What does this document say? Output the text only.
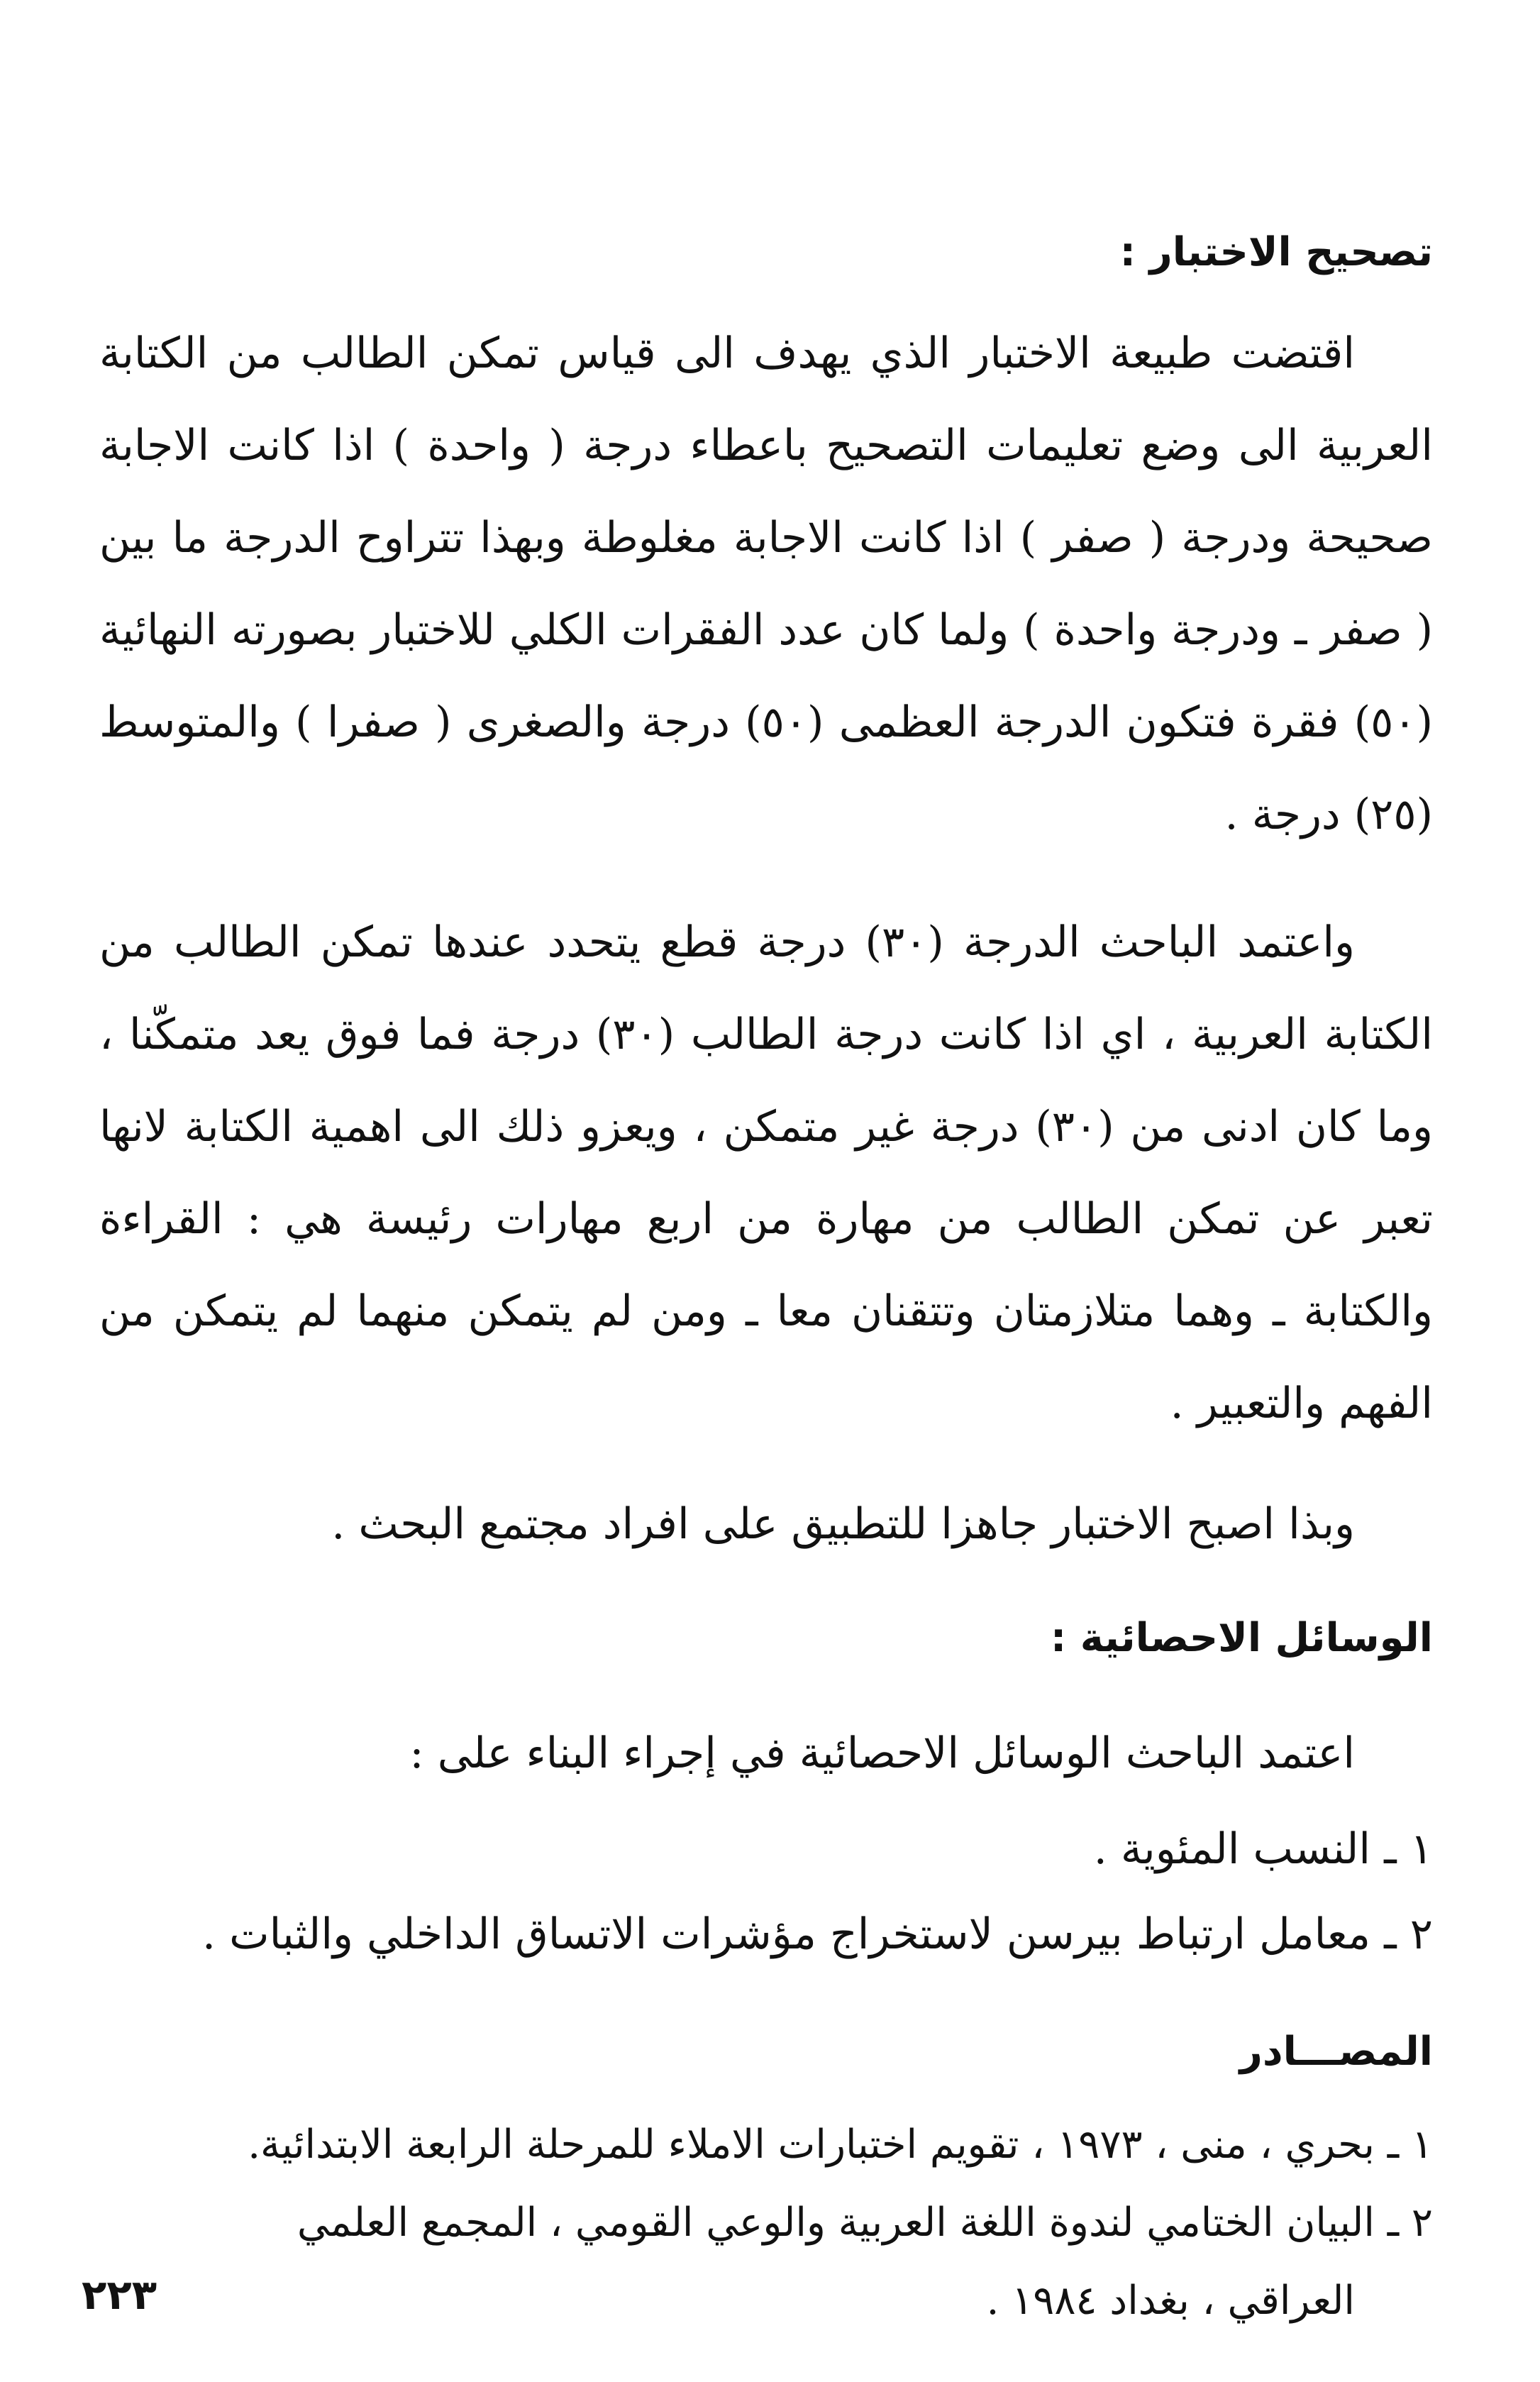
تصحيح الاختبار :

اقتضت طبيعة الاختبار الذي يهدف الى قياس تمكن الطالب من الكتابة العربية الى وضع تعليمات التصحيح باعطاء درجة ( واحدة ) اذا كانت الاجابة صحيحة ودرجة ( صفر ) اذا كانت الاجابة مغلوطة وبهذا تتراوح الدرجة ما بين ( صفر ـ ودرجة واحدة ) ولما كان عدد الفقرات الكلي للاختبار بصورته النهائية (٥٠) فقرة فتكون الدرجة العظمى (٥٠) درجة والصغرى ( صفرا ) والمتوسط (٢٥) درجة .

واعتمد الباحث الدرجة (٣٠) درجة قطع يتحدد عندها تمكن الطالب من الكتابة العربية ، اي اذا كانت درجة الطالب (٣٠) درجة فما فوق يعد متمكّنا ، وما كان ادنى من (٣٠) درجة غير متمكن ، ويعزو ذلك الى اهمية الكتابة لانها تعبر عن تمكن الطالب من مهارة من اربع مهارات رئيسة هي : القراءة والكتابة ـ وهما متلازمتان وتتقنان معا ـ ومن لم يتمكن منهما لم يتمكن من الفهم والتعبير .

وبذا اصبح الاختبار جاهزا للتطبيق على افراد مجتمع البحث .

الوسائل الاحصائية :

اعتمد الباحث الوسائل الاحصائية في إجراء البناء على :

١ ـ النسب المئوية .

٢ ـ معامل ارتباط بيرسن لاستخراج مؤشرات الاتساق الداخلي والثبات .

المصـــادر

١ ـ بحري ، منى ، ١٩٧٣ ، تقويم اختبارات الاملاء للمرحلة الرابعة الابتدائية.

٢ ـ البيان الختامي لندوة اللغة العربية والوعي القومي ، المجمع العلمي

العراقي ، بغداد ١٩٨٤ .

٢٢٣
